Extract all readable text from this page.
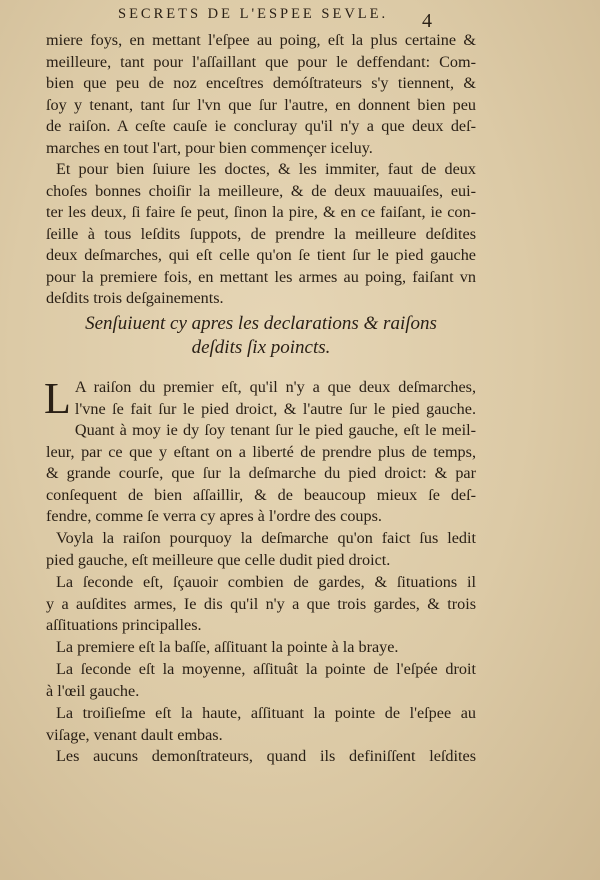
SECRETS DE L'ESPEE SEVLE. 4
miere foys, en mettant l'eſpee au poing, eſt la plus certaine &
meilleure, tant pour l'aſſaillant que pour le deffendant: Com-
bien que peu de noz enceſtres demóſtrateurs s'y tiennent, &
ſoy y tenant, tant ſur l'vn que ſur l'autre, en donnent bien peu
de raiſon. A ceſte cauſe ie concluray qu'il n'y a que deux deſ-
marches en tout l'art, pour bien commençer iceluy.
Et pour bien ſuiure les doctes, & les immiter, faut de deux
choſes bonnes choiſir la meilleure, & de deux mauuaiſes, eui-
ter les deux, ſi faire ſe peut, ſinon la pire, & en ce faiſant, ie con-
ſeille à tous leſdits ſuppots, de prendre la meilleure deſdites
deux deſmarches, qui eſt celle qu'on ſe tient ſur le pied gauche
pour la premiere fois, en mettant les armes au poing, faiſant vn
deſdits trois deſgainements.
Senſuiuent cy apres les declarations & raiſons
deſdits ſix poincts.
L A raiſon du premier eſt, qu'il n'y a que deux deſmarches,
l'vne ſe fait ſur le pied droict, & l'autre ſur le pied gauche.
Quant à moy ie dy ſoy tenant ſur le pied gauche, eſt le meil-
leur, par ce que y eſtant on a liberté de prendre plus de temps,
& grande courſe, que ſur la deſmarche du pied droict: & par
conſequent de bien aſſaillir, & de beaucoup mieux ſe deſ-
fendre, comme ſe verra cy apres à l'ordre des coups.
Voyla la raiſon pourquoy la deſmarche qu'on faict ſus ledit
pied gauche, eſt meilleure que celle dudit pied droict.
La ſeconde eſt, ſçauoir combien de gardes, & ſituations il
y a auſdites armes, Ie dis qu'il n'y a que trois gardes, & trois
aſſituations principalles.
La premiere eſt la baſſe, aſſituant la pointe à la braye.
La ſeconde eſt la moyenne, aſſituât la pointe de l'eſpée droit
à l'œil gauche.
La troiſieſme eſt la haute, aſſituant la pointe de l'eſpee au
viſage, venant dault embas.
Les aucuns demonſtrateurs, quand ils definiſſent leſdites
